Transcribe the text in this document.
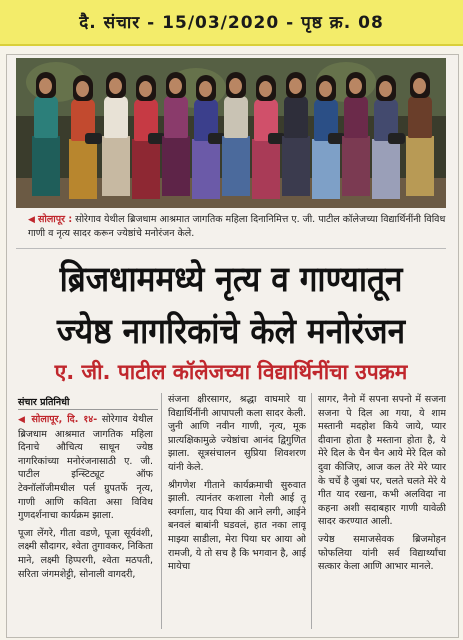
दै. संचार - 15/03/2020 - पृष्ठ क्र. 08
◀ सोलापूर : सोरेगाव येथील ब्रिजधाम आश्रमात जागतिक महिला दिनानिमित्त ए. जी. पाटील कॉलेजच्या विद्यार्थिनींनी विविध गाणी व नृत्य सादर करून ज्येष्ठांचे मनोरंजन केले.
ब्रिजधाममध्ये नृत्य व गाण्यातून
ज्येष्ठ नागरिकांचे केले मनोरंजन
ए. जी. पाटील कॉलेजच्या विद्यार्थिनींचा उपक्रम
संचार प्रतिनिधी

◀ सोलापूर, दि. १४- सोरेगाव येथील ब्रिजधाम आश्रमात जागतिक महिला दिनाचे औचित्य साधून ज्येष्ठ नागरिकांच्या मनोरंजनासाठी ए. जी. पाटील इन्स्टिट्यूट ऑफ टेक्नॉलॉजीमधील पर्ल ग्रुपतर्फे नृत्य, गाणी आणि कविता असा विविध गुणदर्शनाचा कार्यक्रम झाला.

पूजा लेंगरे, गीता वडणे, पूजा सूर्यवंशी, लक्ष्मी सौदागर, श्वेता तुगावकर, निकिता माने, लक्ष्मी हिप्परगी, श्वेता मठपती, सरिता जंगमशेट्टी, सोनाली वागदरी,

संजना क्षीरसागर, श्रद्धा वाघमारे या विद्यार्थिनींनी आपापली कला सादर केली. जुनी आणि नवीन गाणी, नृत्य, मूक प्रात्यक्षिकामुळे ज्येष्ठांचा आनंद द्विगुणित झाला. सूत्रसंचालन सुप्रिया शिवशरण यांनी केले.

श्रीगणेश गीताने कार्यक्रमाची सुरुवात झाली. त्यानंतर कशाला गेली आई तू स्वर्गाला, याद पिया की आने लगी, आईने बनवलं बाबांनी घडवलं, हात नका लावू माझ्या साडीला, मेरा पिया घर आया ओ रामजी, ये तो सच है कि भगवान है, आई मायेचा

सागर, नैनो में सपना सपनो में सजना सजना पे दिल आ गया, ये शाम मस्तानी मदहोश किये जाये, प्यार दीवाना होता है मस्ताना होता है, ये मेरे दिल के चैन चैन आये मेरे दिल को दुवा कीजिए, आज कल तेरे मेरे प्यार के चर्चे है जुबां पर, चलते चलते मेरे ये गीत याद रखना, कभी अलविदा ना कहना अशी सदाबहार गाणी यावेळी सादर करण्यात आली.

ज्येष्ठ समाजसेवक ब्रिजमोहन फोफलिया यांनी सर्व विद्यार्थ्यांचा सत्कार केला आणि आभार मानले.
